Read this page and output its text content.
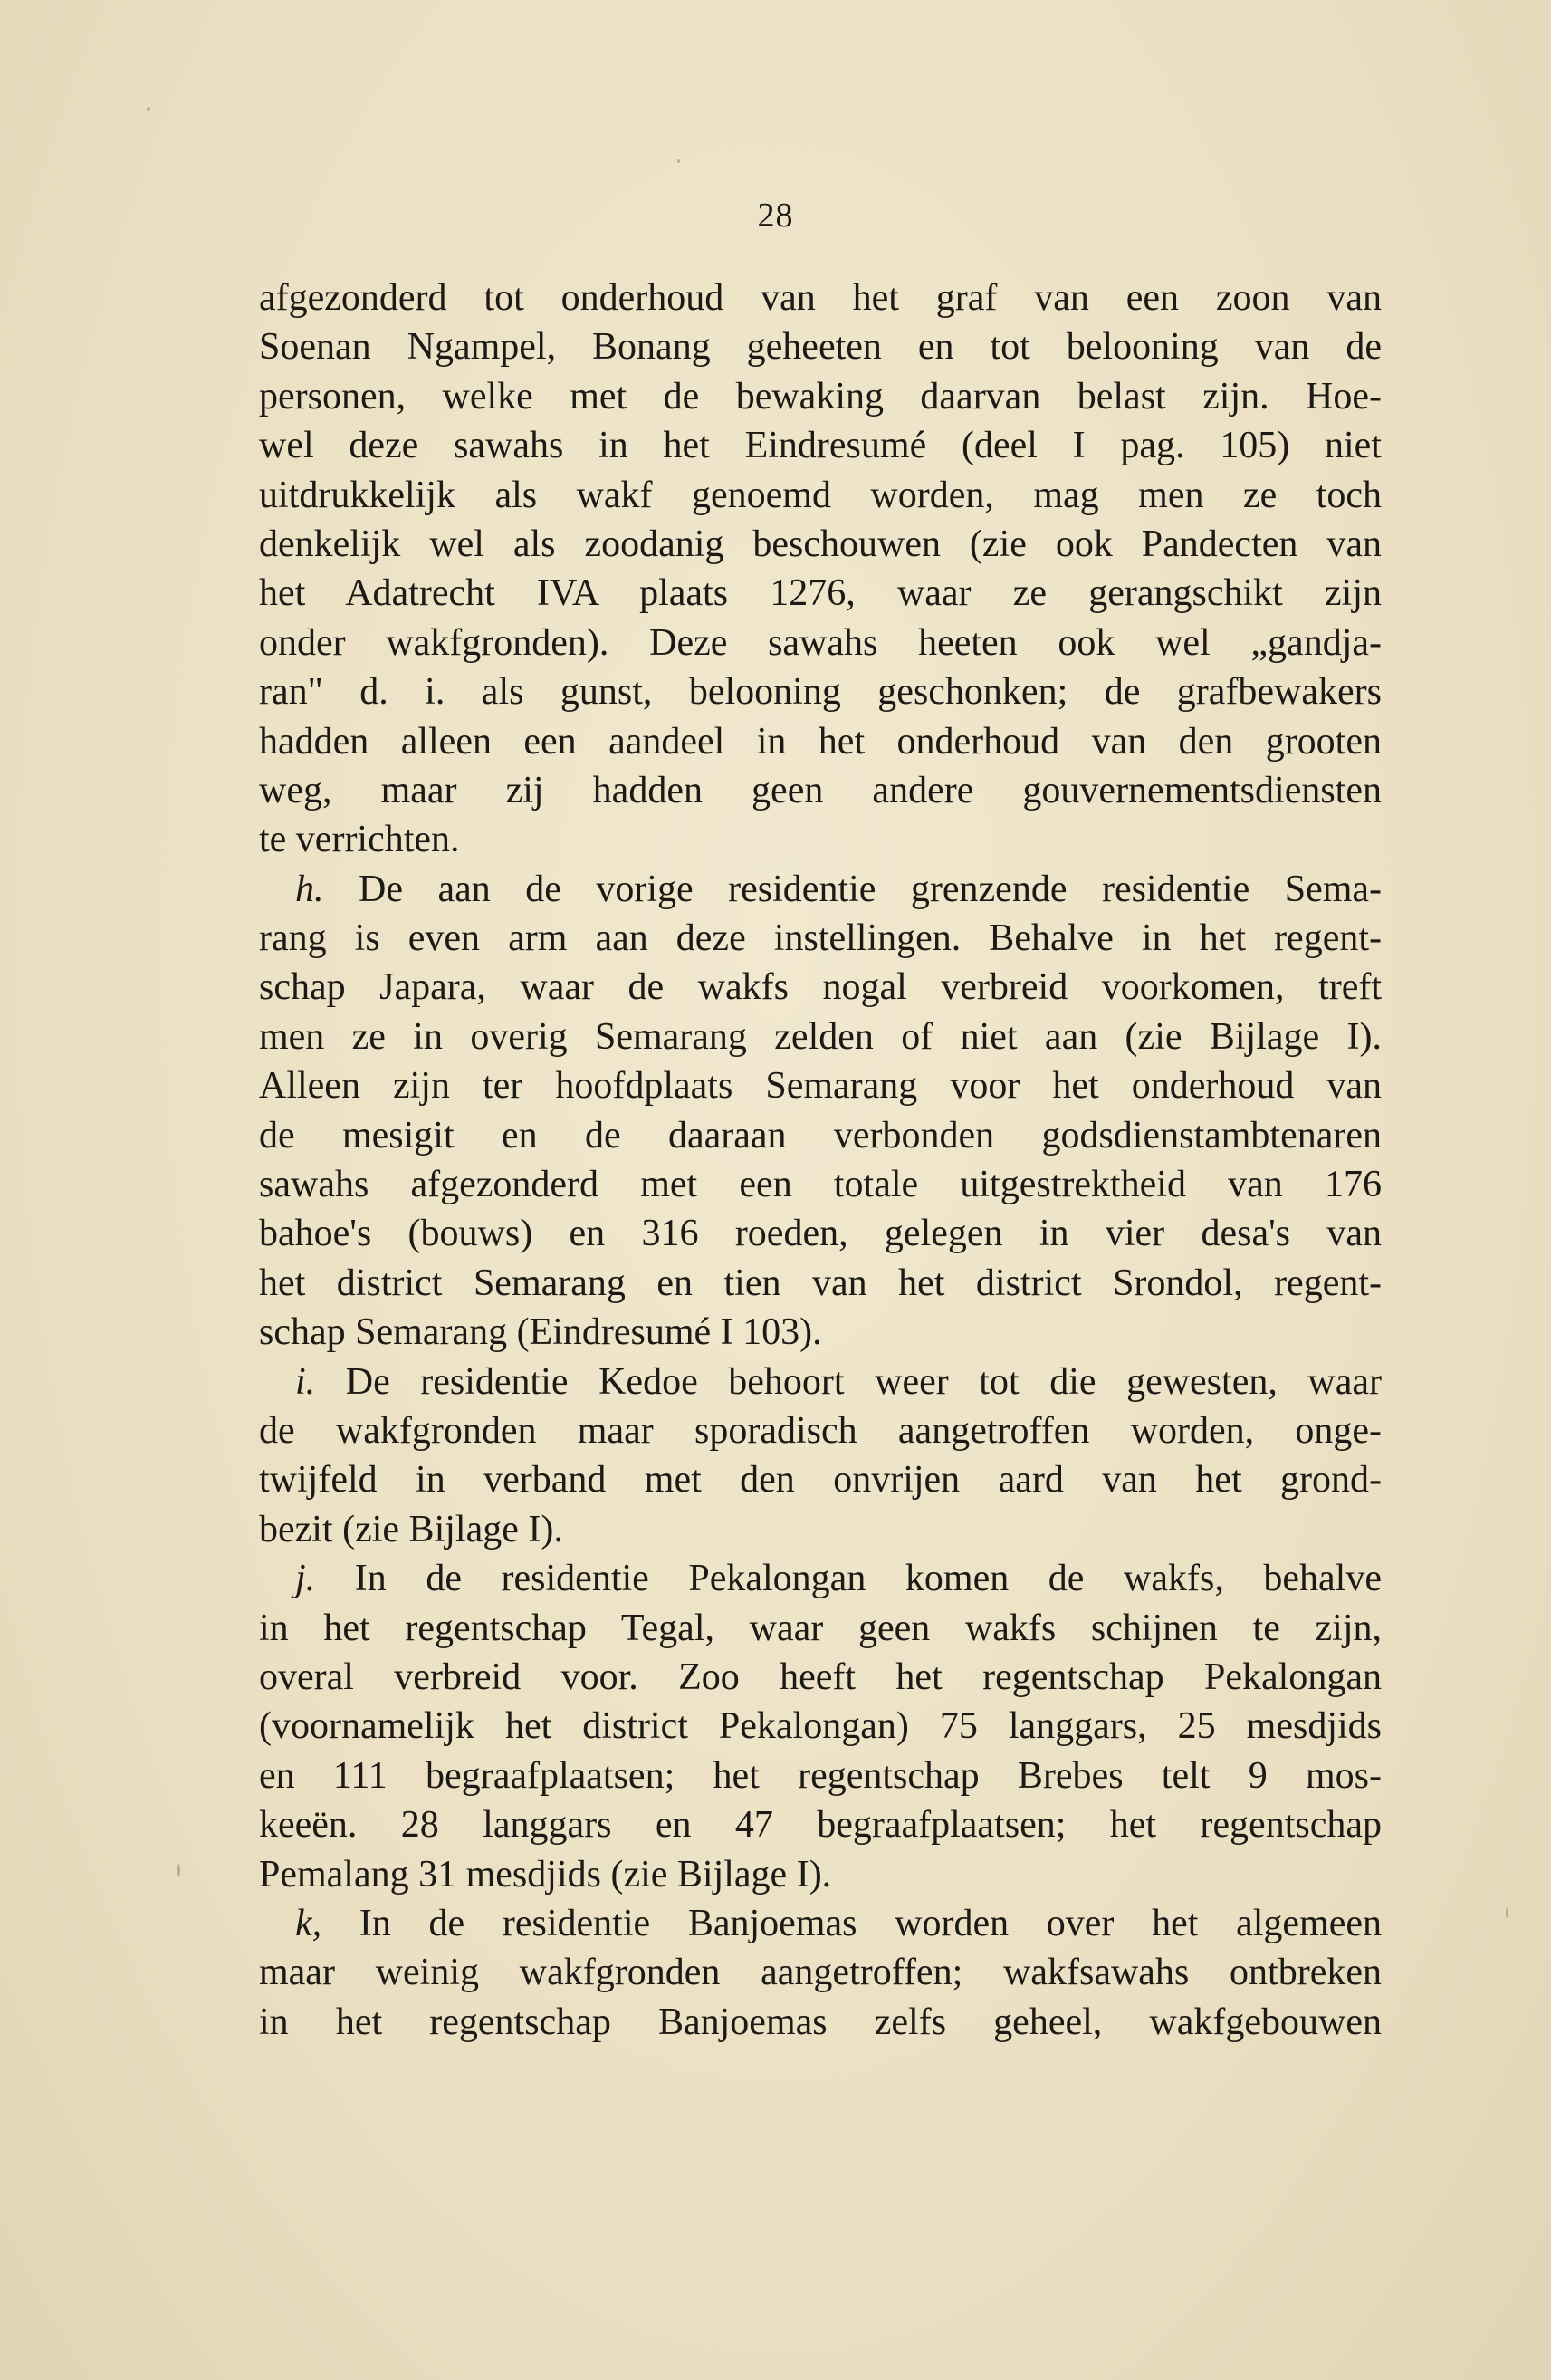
28
afgezonderd tot onderhoud van het graf van een zoon van
Soenan Ngampel, Bonang geheeten en tot belooning van de
personen, welke met de bewaking daarvan belast zijn. Hoe-
wel deze sawahs in het Eindresumé (deel I pag. 105) niet
uitdrukkelijk als wakf genoemd worden, mag men ze toch
denkelijk wel als zoodanig beschouwen (zie ook Pandecten van
het Adatrecht IVA plaats 1276, waar ze gerangschikt zijn
onder wakfgronden). Deze sawahs heeten ook wel „gandja-
ran" d. i. als gunst, belooning geschonken; de grafbewakers
hadden alleen een aandeel in het onderhoud van den grooten
weg, maar zij hadden geen andere gouvernementsdiensten
te verrichten.
h. De aan de vorige residentie grenzende residentie Sema-
rang is even arm aan deze instellingen. Behalve in het regent-
schap Japara, waar de wakfs nogal verbreid voorkomen, treft
men ze in overig Semarang zelden of niet aan (zie Bijlage I).
Alleen zijn ter hoofdplaats Semarang voor het onderhoud van
de mesigit en de daaraan verbonden godsdienstambtenaren
sawahs afgezonderd met een totale uitgestrektheid van 176
bahoe's (bouws) en 316 roeden, gelegen in vier desa's van
het district Semarang en tien van het district Srondol, regent-
schap Semarang (Eindresumé I 103).
i. De residentie Kedoe behoort weer tot die gewesten, waar
de wakfgronden maar sporadisch aangetroffen worden, onge-
twijfeld in verband met den onvrijen aard van het grond-
bezit (zie Bijlage I).
j. In de residentie Pekalongan komen de wakfs, behalve
in het regentschap Tegal, waar geen wakfs schijnen te zijn,
overal verbreid voor. Zoo heeft het regentschap Pekalongan
(voornamelijk het district Pekalongan) 75 langgars, 25 mesdjids
en 111 begraafplaatsen; het regentschap Brebes telt 9 mos-
keeën. 28 langgars en 47 begraafplaatsen; het regentschap
Pemalang 31 mesdjids (zie Bijlage I).
k, In de residentie Banjoemas worden over het algemeen
maar weinig wakfgronden aangetroffen; wakfsawahs ontbreken
in het regentschap Banjoemas zelfs geheel, wakfgebouwen
